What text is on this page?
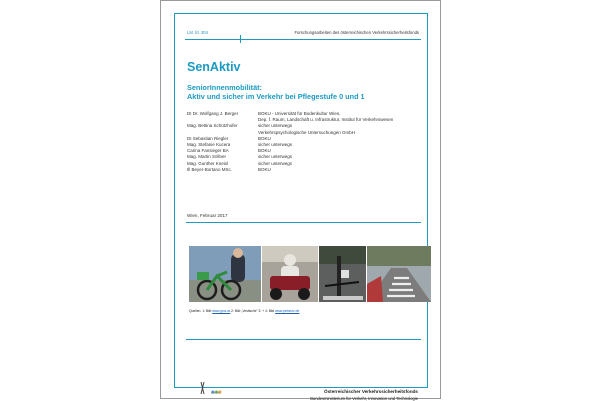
LM. fd. 304	Forschungsarbeiten des österreichischen Verkehrssicherheitsfonds
SenAktiv
SeniorInnenmobilität:
Aktiv und sicher im Verkehr bei Pflegestufe 0 und 1
DI Dr. Wolfgang J. Berger	BOKU - Universität für Bodenkultur Wien,
Dep. f. Raum, Landschaft u. Infrastruktur, Institut für Verkehrswesen
Mag. Bettina Schützhofer	sicher unterwegs
Verkehrspsychologische Untersuchungen GmbH
DI Sebastian Riegler	BOKU
Mag. Stefanie Kucera	sicher unterwegs
Carina Fansieger BA	BOKU
Mag. Martin Söllner	sicher unterwegs
Mag. Gunther Kneisl	sicher unterwegs
Ill Beyer-Bortano MSc.	BOKU
Wien, Februar 2017
Quellen: 1: Bild www.gruz.at 2: Bild „Vestische" 3: + 4: Bild www.petonez.de
bmvit	Österreichischer Verkehrssicherheitsfonds
Bundesministerium für Verkehr, Innovation und Technologie
